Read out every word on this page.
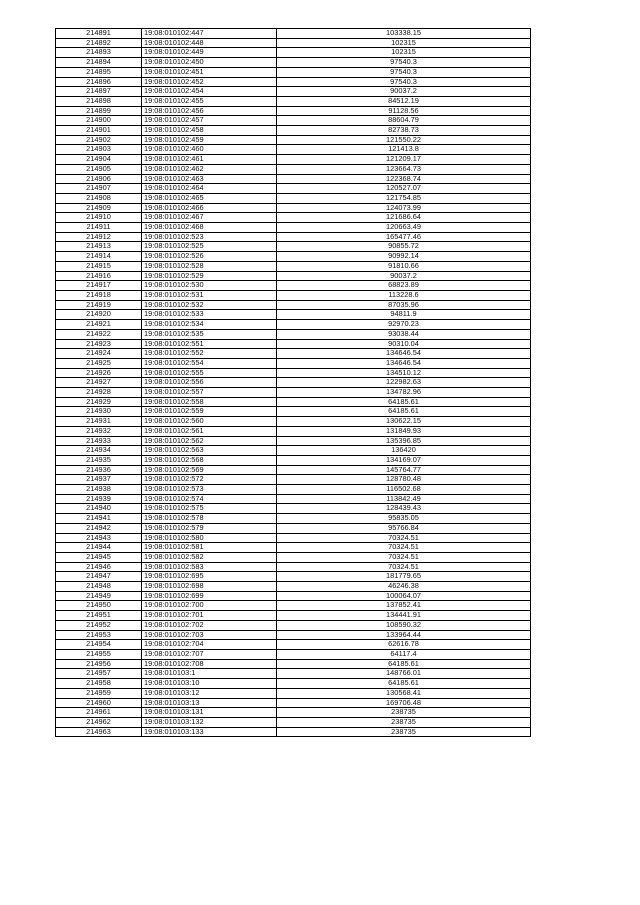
214891	19:08:010102:447	103338.15
214892	19:08:010102:448	102315
214893	19:08:010102:449	102315
214894	19:08:010102:450	97540.3
214895	19:08:010102:451	97540.3
214896	19:08:010102:452	97540.3
214897	19:08:010102:454	90037.2
214898	19:08:010102:455	84512.19
214899	19:08:010102:456	91128.56
214900	19:08:010102:457	88604.79
214901	19:08:010102:458	82738.73
214902	19:08:010102:459	121550.22
214903	19:08:010102:460	121413.8
214904	19:08:010102:461	121209.17
214905	19:08:010102:462	123664.73
214906	19:08:010102:463	122368.74
214907	19:08:010102:464	120527.07
214908	19:08:010102:465	121754.85
214909	19:08:010102:466	124073.99
214910	19:08:010102:467	121686.64
214911	19:08:010102:468	120663.49
214912	19:08:010102:523	165477.46
214913	19:08:010102:525	90855.72
214914	19:08:010102:526	90992.14
214915	19:08:010102:528	91810.66
214916	19:08:010102:529	90037.2
214917	19:08:010102:530	68823.89
214918	19:08:010102:531	113228.6
214919	19:08:010102:532	87035.96
214920	19:08:010102:533	94811.9
214921	19:08:010102:534	92970.23
214922	19:08:010102:535	93038.44
214923	19:08:010102:551	90310.04
214924	19:08:010102:552	134646.54
214925	19:08:010102:554	134646.54
214926	19:08:010102:555	134510.12
214927	19:08:010102:556	122982.63
214928	19:08:010102:557	134782.96
214929	19:08:010102:558	64185.61
214930	19:08:010102:559	64185.61
214931	19:08:010102:560	130622.15
214932	19:08:010102:561	131849.93
214933	19:08:010102:562	135396.85
214934	19:08:010102:563	136420
214935	19:08:010102:568	134169.07
214936	19:08:010102:569	145764.77
214937	19:08:010102:572	128780.48
214938	19:08:010102:573	116502.68
214939	19:08:010102:574	113842.49
214940	19:08:010102:575	128439.43
214941	19:08:010102:578	95835.05
214942	19:08:010102:579	95766.84
214943	19:08:010102:580	70324.51
214944	19:08:010102:581	70324.51
214945	19:08:010102:582	70324.51
214946	19:08:010102:583	70324.51
214947	19:08:010102:695	181779.65
214948	19:08:010102:698	46246.38
214949	19:08:010102:699	100064.07
214950	19:08:010102:700	137852.41
214951	19:08:010102:701	134441.91
214952	19:08:010102:702	108590.32
214953	19:08:010102:703	133964.44
214954	19:08:010102:704	62616.78
214955	19:08:010102:707	64117.4
214956	19:08:010102:708	64185.61
214957	19:08:010103:1	148766.01
214958	19:08:010103:10	64185.61
214959	19:08:010103:12	130568.41
214960	19:08:010103:13	169706.48
214961	19:08:010103:131	238735
214962	19:08:010103:132	238735
214963	19:08:010103:133	238735
